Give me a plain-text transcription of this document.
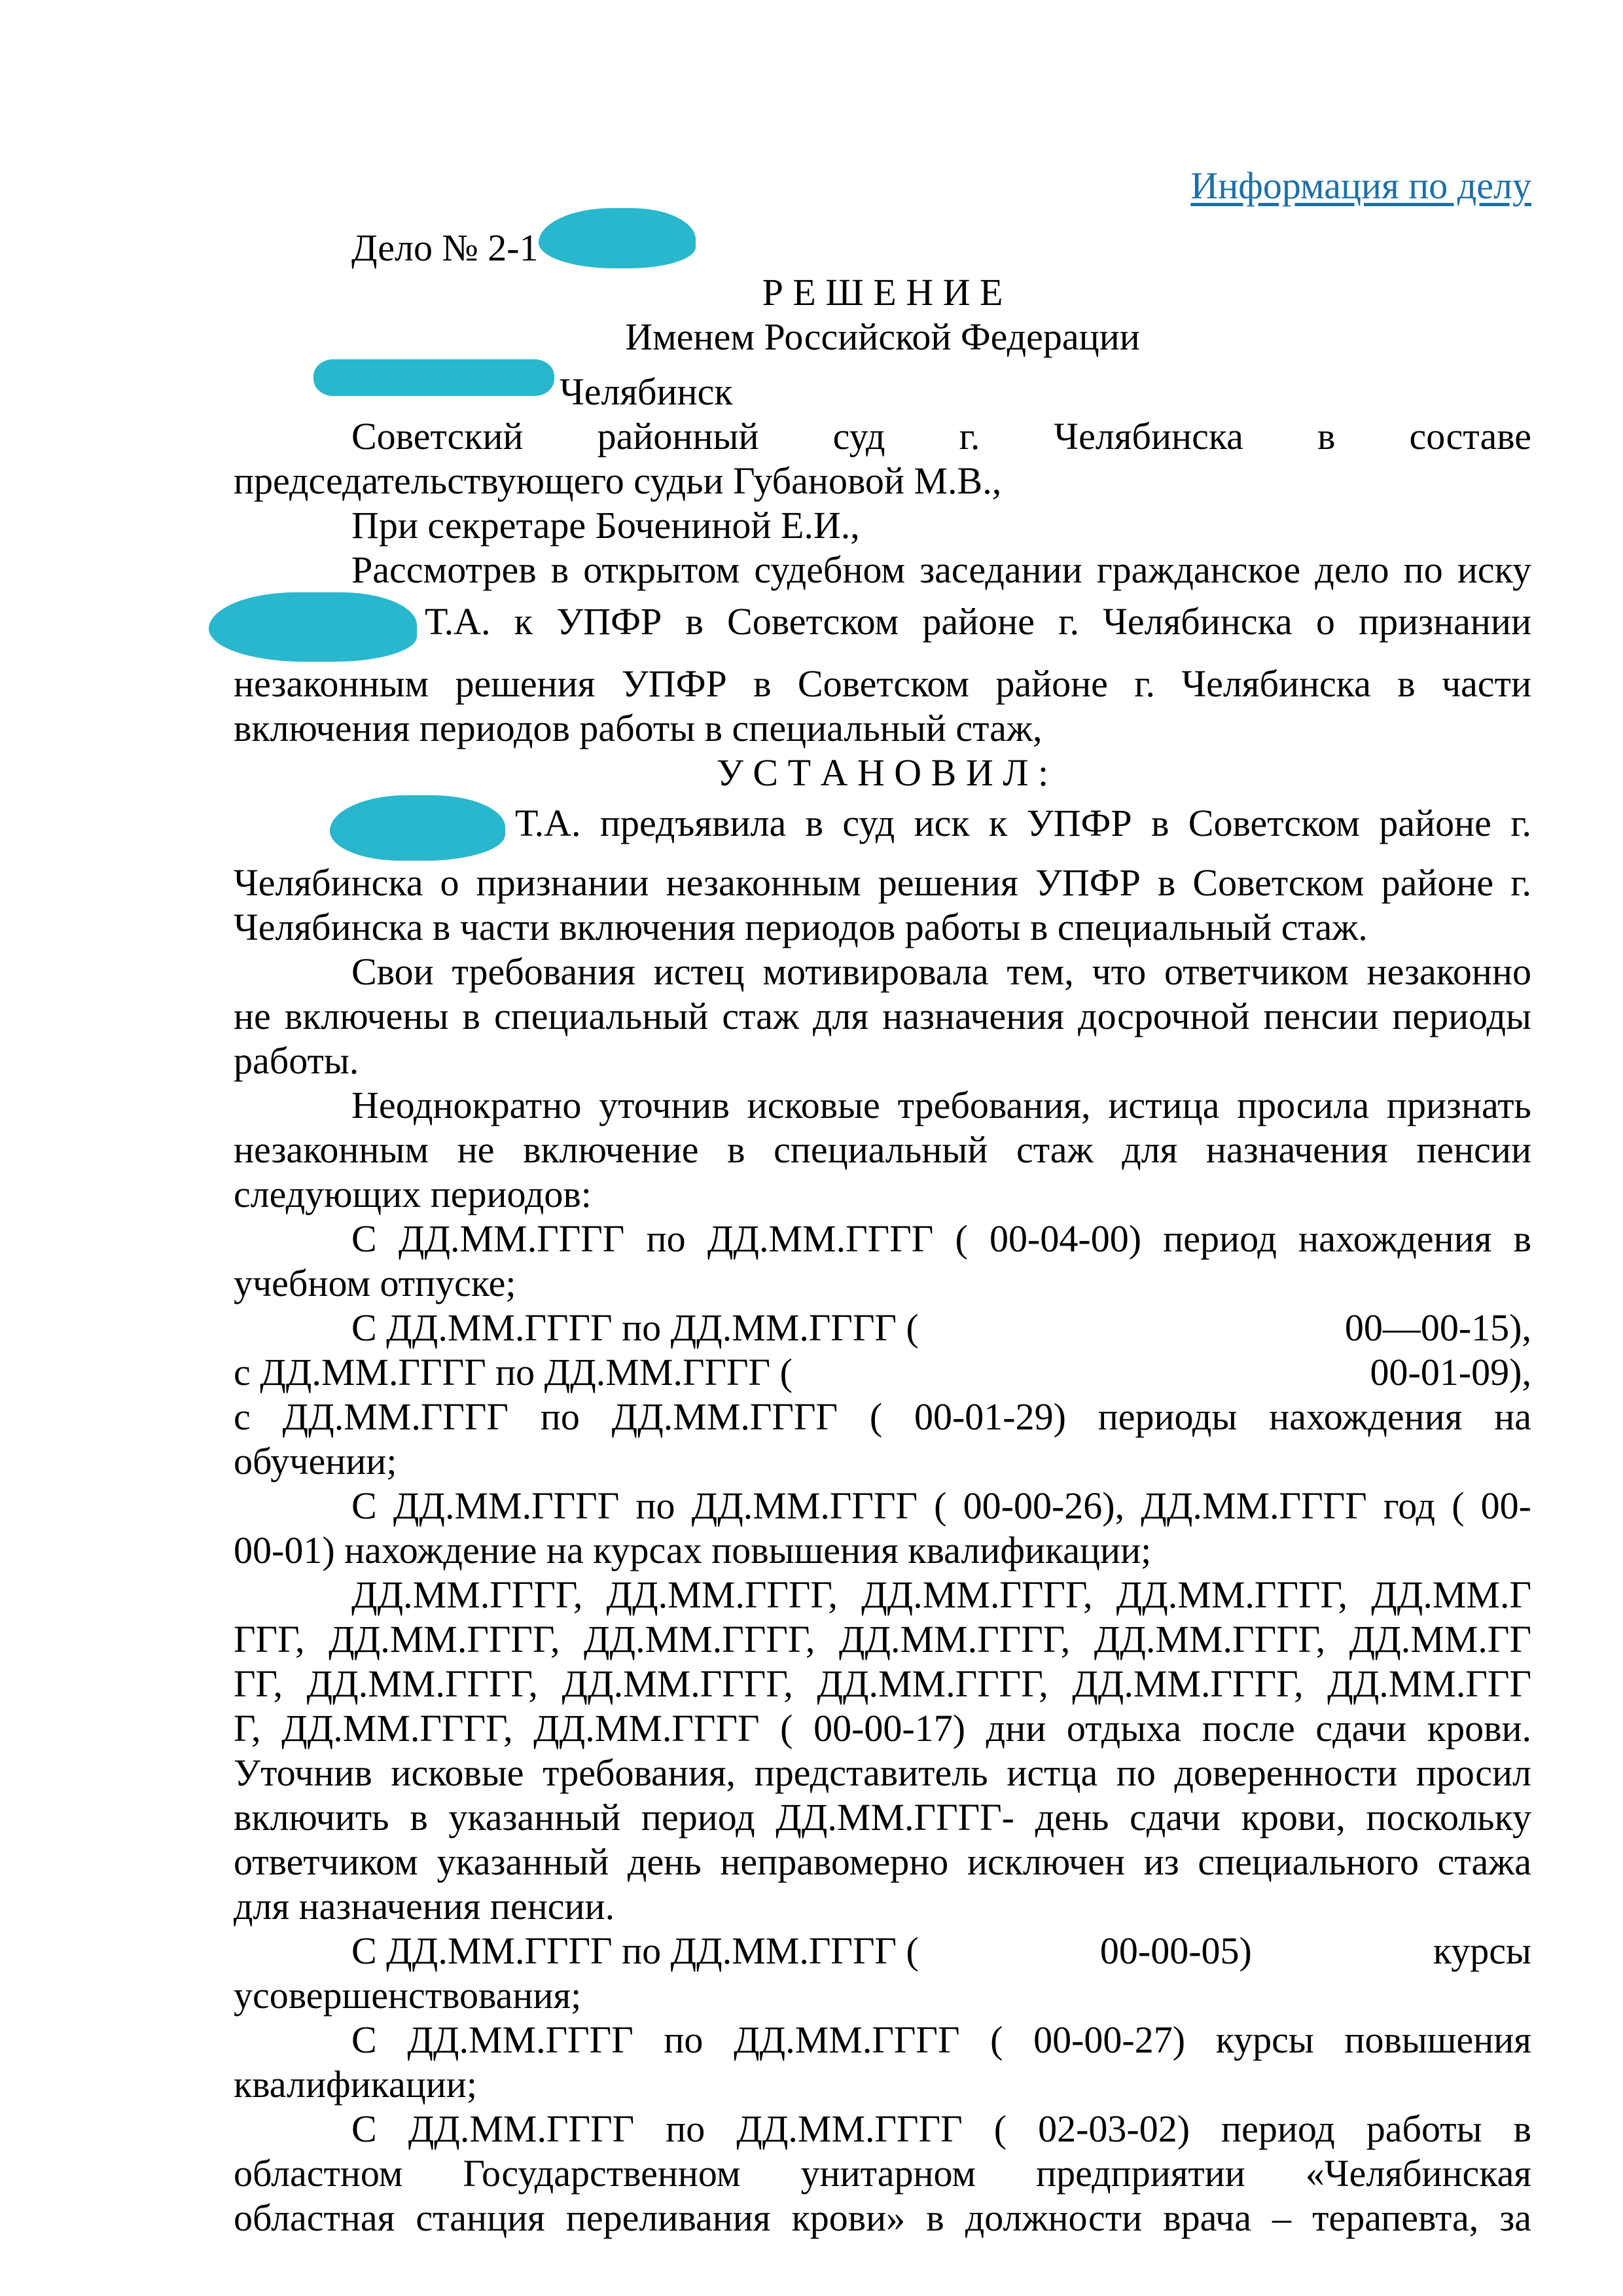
Информация по делу
Дело № 2-1
Р Е Ш Е Н И Е
Именем Российской Федерации
Челябинск
Советский районный суд г. Челябинска в составе
председательствующего судьи Губановой М.В.,
При секретаре Бочениной Е.И.,
Рассмотрев в открытом судебном заседании гражданское дело по иску
Т.А. к УПФР в Советском районе г. Челябинска о признании
незаконным решения УПФР в Советском районе г. Челябинска в части
включения периодов работы в специальный стаж,
У С Т А Н О В И Л :
Т.А. предъявила в суд иск к УПФР в Советском районе г.
Челябинска о признании незаконным решения УПФР в Советском районе г.
Челябинска в части включения периодов работы в специальный стаж.
Свои требования истец мотивировала тем, что ответчиком незаконно
не включены в специальный стаж для назначения досрочной пенсии периоды
работы.
Неоднократно уточнив исковые требования, истица просила признать
незаконным не включение в специальный стаж для назначения пенсии
следующих периодов:
С ДД.ММ.ГГГГ по ДД.ММ.ГГГГ ( 00-04-00) период нахождения в
учебном отпуске;
С ДД.ММ.ГГГГ по ДД.ММ.ГГГГ (	00—00-15),
с ДД.ММ.ГГГГ по ДД.ММ.ГГГГ (	00-01-09),
с ДД.ММ.ГГГГ по ДД.ММ.ГГГГ ( 00-01-29) периоды нахождения на
обучении;
С ДД.ММ.ГГГГ по ДД.ММ.ГГГГ ( 00-00-26), ДД.ММ.ГГГГ год ( 00-
00-01) нахождение на курсах повышения квалификации;
ДД.ММ.ГГГГ, ДД.ММ.ГГГГ, ДД.ММ.ГГГГ, ДД.ММ.ГГГГ, ДД.ММ.Г
ГГГ, ДД.ММ.ГГГГ, ДД.ММ.ГГГГ, ДД.ММ.ГГГГ, ДД.ММ.ГГГГ, ДД.ММ.ГГ
ГГ, ДД.ММ.ГГГГ, ДД.ММ.ГГГГ, ДД.ММ.ГГГГ, ДД.ММ.ГГГГ, ДД.ММ.ГГГ
Г, ДД.ММ.ГГГГ, ДД.ММ.ГГГГ ( 00-00-17) дни отдыха после сдачи крови.
Уточнив исковые требования, представитель истца по доверенности просил
включить в указанный период ДД.ММ.ГГГГ- день сдачи крови, поскольку
ответчиком указанный день неправомерно исключен из специального стажа
для назначения пенсии.
С ДД.ММ.ГГГГ по ДД.ММ.ГГГГ (	00-00-05)	курсы
усовершенствования;
С ДД.ММ.ГГГГ по ДД.ММ.ГГГГ ( 00-00-27) курсы повышения
квалификации;
С ДД.ММ.ГГГГ по ДД.ММ.ГГГГ ( 02-03-02) период работы в
областном Государственном унитарном предприятии «Челябинская
областная станция переливания крови» в должности врача – терапевта, за
